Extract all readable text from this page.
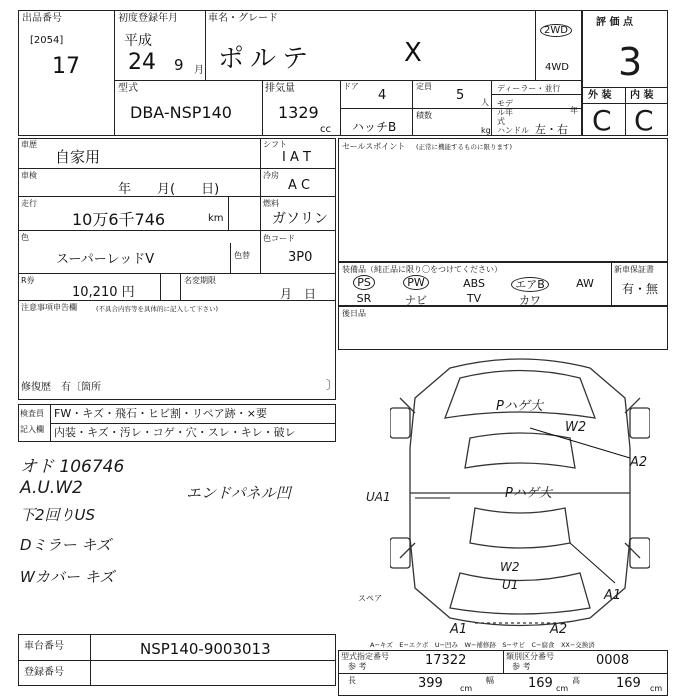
出品番号
[2054]
17
初度登録年月
平成
24 9 月
車名・グレード
ポルテ	X
2WD
4WD
評 価 点
3
外 装 内 装
C C
型式
DBA-NSP140
排気量
1329
cc
ドア
4
定員
5 人
ハッチB
積数
kg
ディーラー・並行
モデル年式
年
ハンドル 左・右
車歴
自家用
シフト
I A T
車検
年　　月(　　日)
冷房
A C
走行
10万6千746	km
燃料
ガソリン
色
スーパーレッドV	色替
色コード
3P0
R券
10,210 円
名変期限
月　日
注意事項申告欄	(不具合内容等を具体的に記入して下さい)
修復歴　有〔箇所	〕
セールスポイント (正常に機能するものに限ります)
装備品（純正品に限り〇をつけてください）	新車保証書
有・無
PS	PW	ABS	エアB	AW
SR	ナビ	TV	カワ
後日品
検査員
記入欄
FW・キズ・飛石・ヒビ割・リペア跡・×要
内装・キズ・汚レ・コゲ・穴・スレ・キレ・破レ
オド 106746
A.U.W2
下2回りUS
Dミラー キズ
Wカバー キズ
エンドパネル凹
Pハゲ大
W2
A2
UA1	Pハゲ大
W2
U1
A1
A1	A2
スペア
A−キズ　E−エクボ　U−凹み　W−補修跡　S−サビ　C−腐食　XX−交換済
車台番号	NSP140-9003013
登録番号
型式指定番号
参 考	17322	類別区分番号
参 考	0008
長	399 cm
幅	169 cm
高	169 cm
